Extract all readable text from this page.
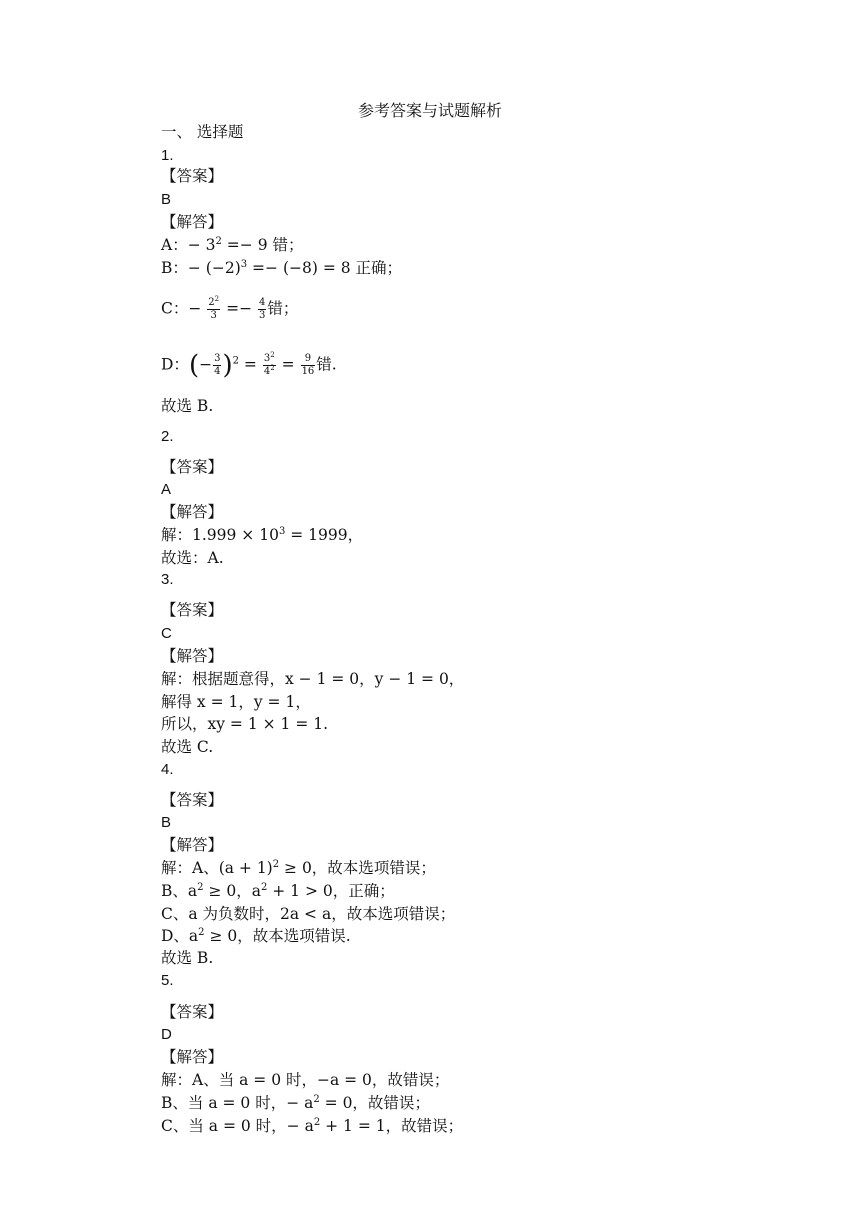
参考答案与试题解析
一、 选择题
1.
【答案】
B
【解答】
A：− $3^2 =- 9$ 错；
B：− $(-2)^3 =- (-8) = 8$ 正确；
C：− $\frac{2^2}{3} =- \frac{4}{3}$ 错；
D：(− $\frac{3}{4} )^2 = \frac{3^2}{4^2} = \frac{9}{16}$ 错.
故选 B.
2.
【答案】
A
【解答】
解：$1.999 \times 10^3 = 1999$，
故选：A.
3.
【答案】
C
【解答】
解：根据题意得，x − 1 = 0，y − 1 = 0，
解得 x = 1，y = 1，
所以，xy = 1 × 1 = 1.
故选 C.
4.
【答案】
B
【解答】
解：A、$(a + 1)^2 \ge 0$，故本选项错误；
B、$a^2 \ge 0$，$a^2 + 1 > 0$，正确；
C、a 为负数时，2a < a，故本选项错误；
D、$a^2 \ge 0$，故本选项错误.
故选 B.
5.
【答案】
D
【解答】
解：A、当 a = 0 时，−a = 0，故错误；
B、当 a = 0 时，− $a^2 = 0$，故错误；
C、当 a = 0 时，− $a^2 + 1 = 1$，故错误；
